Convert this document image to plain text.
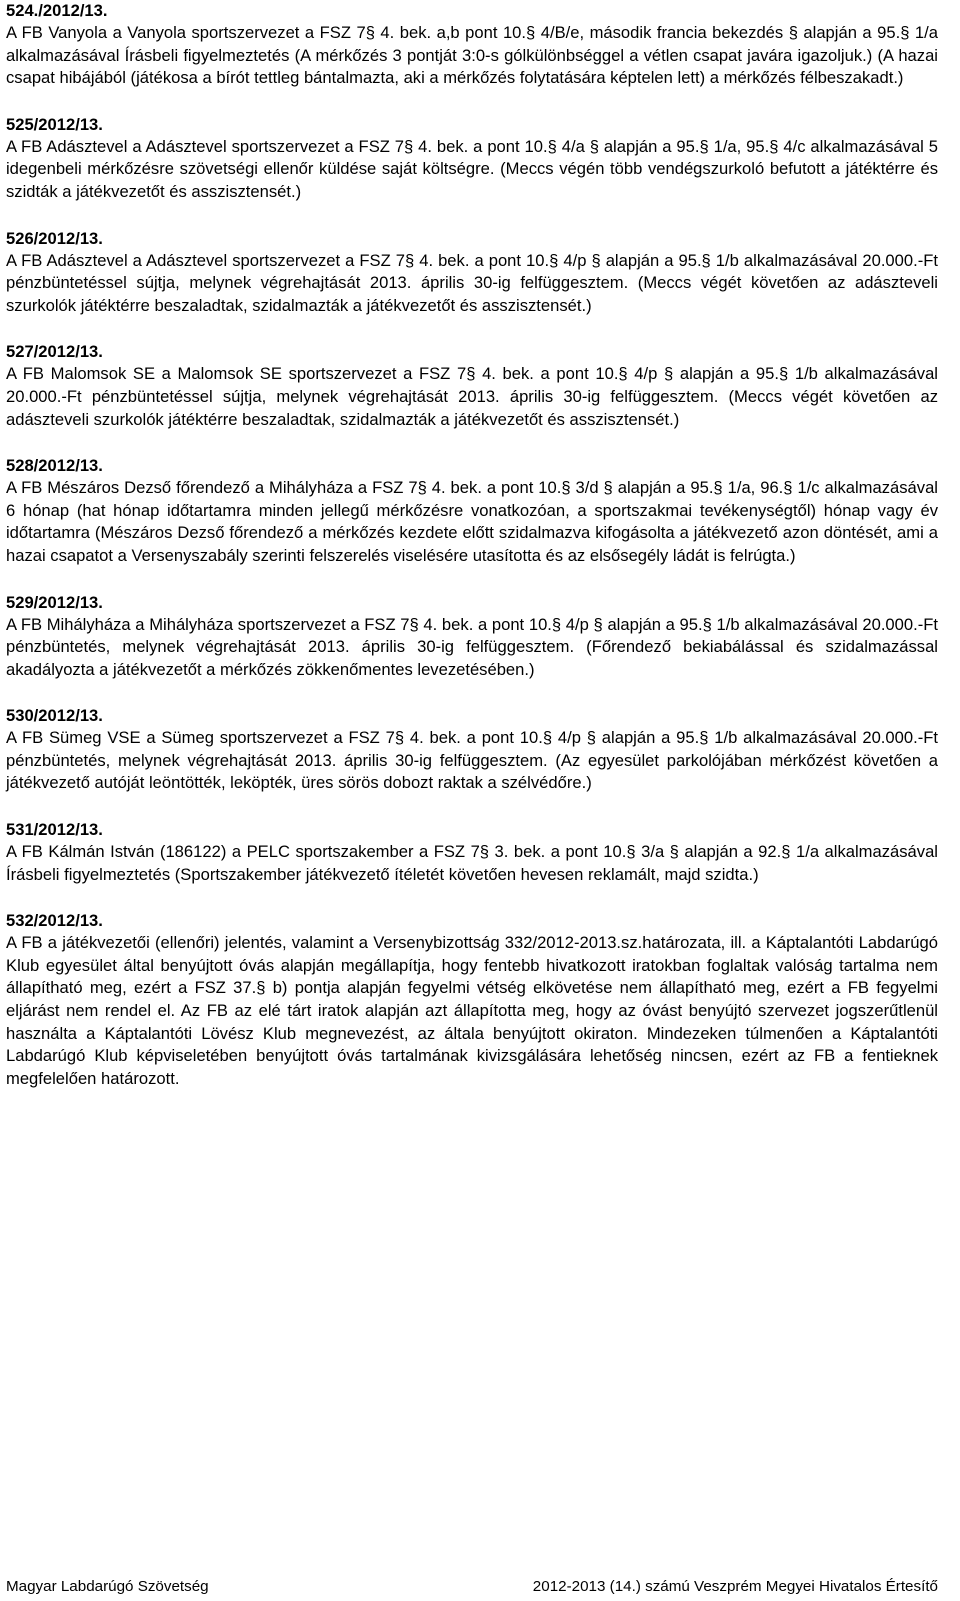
524./2012/13.

A FB Vanyola a Vanyola sportszervezet a FSZ 7§ 4. bek. a,b pont 10.§ 4/B/e, második francia bekezdés § alapján a 95.§ 1/a alkalmazásával Írásbeli figyelmeztetés (A mérkőzés 3 pontját 3:0-s gólkülönbséggel a vétlen csapat javára igazoljuk.) (A hazai csapat hibájából (játékosa a bírót tettleg bántalmazta, aki a mérkőzés folytatására képtelen lett) a mérkőzés félbeszakadt.)

525/2012/13.

A FB Adásztevel a Adásztevel sportszervezet a FSZ 7§ 4. bek. a pont 10.§ 4/a § alapján a 95.§ 1/a, 95.§ 4/c alkalmazásával 5 idegenbeli mérkőzésre szövetségi ellenőr küldése saját költségre. (Meccs végén több vendégszurkoló befutott a játéktérre és szidták a játékvezetőt és asszisztensét.)

526/2012/13.

A FB Adásztevel a Adásztevel sportszervezet a FSZ 7§ 4. bek. a pont 10.§ 4/p § alapján a 95.§ 1/b alkalmazásával 20.000.-Ft pénzbüntetéssel sújtja, melynek végrehajtását 2013. április 30-ig felfüggesztem. (Meccs végét követően az adászteveli szurkolók játéktérre beszaladtak, szidalmazták a játékvezetőt és asszisztensét.)

527/2012/13.

A FB Malomsok SE a Malomsok SE sportszervezet a FSZ 7§ 4. bek. a pont 10.§ 4/p § alapján a 95.§ 1/b alkalmazásával 20.000.-Ft pénzbüntetéssel sújtja, melynek végrehajtását 2013. április 30-ig felfüggesztem. (Meccs végét követően az adászteveli szurkolók játéktérre beszaladtak, szidalmazták a játékvezetőt és asszisztensét.)

528/2012/13.

A FB Mészáros Dezső főrendező a Mihályháza a FSZ 7§ 4. bek. a pont 10.§ 3/d § alapján a 95.§ 1/a, 96.§ 1/c alkalmazásával 6 hónap (hat hónap időtartamra minden jellegű mérkőzésre vonatkozóan, a sportszakmai tevékenységtől) hónap vagy év időtartamra (Mészáros Dezső főrendező a mérkőzés kezdete előtt szidalmazva kifogásolta a játékvezető azon döntését, ami a hazai csapatot a Versenyszabály szerinti felszerelés viselésére utasította és az elsősegély ládát is felrúgta.)

529/2012/13.

A FB Mihályháza a Mihályháza sportszervezet a FSZ 7§ 4. bek. a pont 10.§ 4/p § alapján a 95.§ 1/b alkalmazásával 20.000.-Ft pénzbüntetés, melynek végrehajtását 2013. április 30-ig felfüggesztem. (Főrendező bekiabálással és szidalmazással akadályozta a játékvezetőt a mérkőzés zökkenőmentes levezetésében.)

530/2012/13.

A FB Sümeg VSE a Sümeg sportszervezet a FSZ 7§ 4. bek. a pont 10.§ 4/p § alapján a 95.§ 1/b alkalmazásával 20.000.-Ft pénzbüntetés, melynek végrehajtását 2013. április 30-ig felfüggesztem. (Az egyesület parkolójában mérkőzést követően a játékvezető autóját leöntötték, leköpték, üres sörös dobozt raktak a szélvédőre.)

531/2012/13.

A FB Kálmán István (186122) a PELC sportszakember a FSZ 7§ 3. bek. a pont 10.§ 3/a § alapján a 92.§ 1/a alkalmazásával Írásbeli figyelmeztetés (Sportszakember játékvezető ítéletét követően hevesen reklamált, majd szidta.)

532/2012/13.

A FB a játékvezetői (ellenőri) jelentés, valamint a Versenybizottság 332/2012-2013.sz.határozata, ill. a Káptalantóti Labdarúgó Klub egyesület által benyújtott óvás alapján megállapítja, hogy fentebb hivatkozott iratokban foglaltak valóság tartalma nem állapítható meg, ezért a FSZ 37.§ b) pontja alapján fegyelmi vétség elkövetése nem állapítható meg, ezért a FB fegyelmi eljárást nem rendel el. Az FB az elé tárt iratok alapján azt állapította meg, hogy az óvást benyújtó szervezet jogszerűtlenül használta a Káptalantóti Lövész Klub megnevezést, az általa benyújtott okiraton. Mindezeken túlmenően a Káptalantóti Labdarúgó Klub képviseletében benyújtott óvás tartalmának kivizsgálására lehetőség nincsen, ezért az FB a fentieknek megfelelően határozott.

Magyar Labdarúgó Szövetség	2012-2013 (14.) számú Veszprém Megyei Hivatalos Értesítő
